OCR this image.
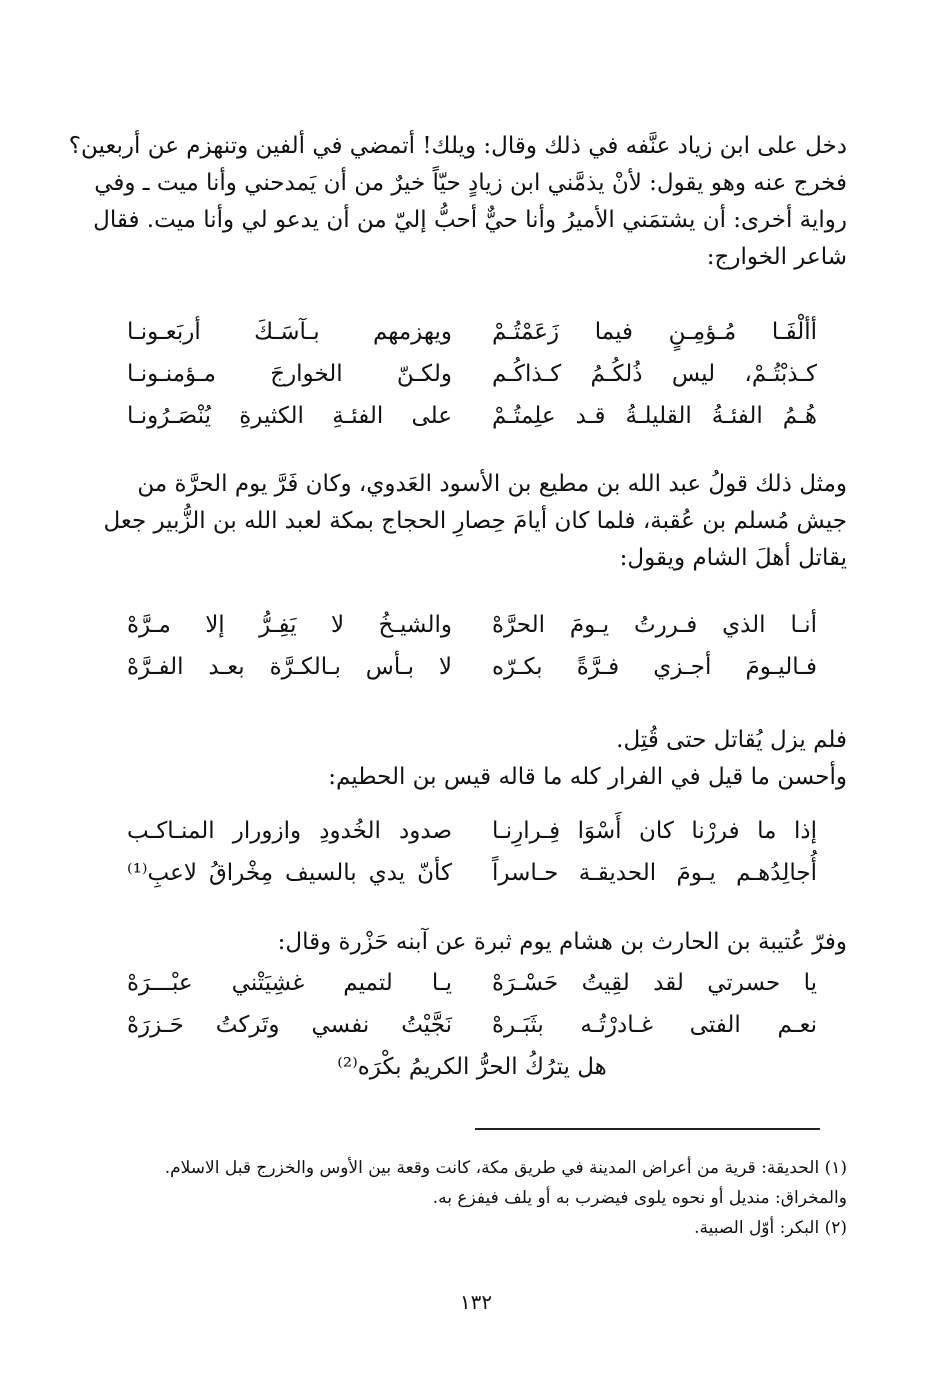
دخل على ابن زياد عنَّفه في ذلك وقال: ويلك! أتمضي في ألفين وتنهزم عن أربعين؟
فخرج عنه وهو يقول: لأنْ يذمَّني ابن زيادٍ حيّاً خيرٌ من أن يَمدحني وأنا ميت ـ وفي
رواية أخرى: أن يشتمَني الأميرُ وأنا حيٌّ أحبُّ إليّ من أن يدعو لي وأنا ميت. فقال
شاعر الخوارج:
أألْفَـا مُـؤمِـنٍ فيما زَعَمْتُـمْ
ويهزمهم بـآسَـكَ أربَعـونـا
كـذبْتُـمْ، ليس ذُلكُـمُ كـذاكُـم
ولكـنّ الخوارجَ مـؤمنـونـا
هُـمُ الفئـةُ القليلـةُ قـد علِمتُـمْ
على الفئـةِ الكثيرةِ يُنْصَـرُونـا
ومثل ذلك قولُ عبد الله بن مطيع بن الأسود العَدوي، وكان فَرَّ يوم الحرَّة من
جيش مُسلم بن عُقبة، فلما كان أيامَ حِصارِ الحجاج بمكة لعبد الله بن الزُّبير جعل
يقاتل أهلَ الشام ويقول:
أنـا الذي فـررتُ يـومَ الحرَّهْ
والشيـخُ لا يَفِـرُّ إلا مـرَّهْ
فـاليـومَ أجـزي فـرَّةً بكـرّه
لا بـأس بـالكـرَّة بعـد الفـرَّهْ
فلم يزل يُقاتل حتى قُتِل.
وأحسن ما قيل في الفرار كله ما قاله قيس بن الحطيم:
إذا ما فررْنا كان أَسْوَا فِـرارِنـا
صدود الخُدودِ وازورار المنـاكـب
أُجالِدُهـم يـومَ الحديقـة حـاسراً
كأنّ يدي بالسيف مِخْراقُ لاعبِ⁽¹⁾
وفرّ عُتيبة بن الحارث بن هشام يوم ثبرة عن آبنه حَزْرة وقال:
يا حسرتي لقد لقِيتُ حَسْـرَهْ
يـا لتميم غشِيَتْني عبْـــرَهْ
نعـم الفتى غـادرْتُـه بثَبَـرهْ
نَجَّيْتُ نفسي وتَركتُ حَـزرَهْ
هل يترُكُ الحرُّ الكريمُ بكْرَه⁽²⁾
(١) الحديقة: قرية من أعراض المدينة في طريق مكة، كانت وقعة بين الأوس والخزرج قبل الاسلام.
والمخراق: منديل أو نحوه يلوى فيضرب به أو يلف فيفزع به.
(٢) البكر: أوّل الصبية.
١٣٢
